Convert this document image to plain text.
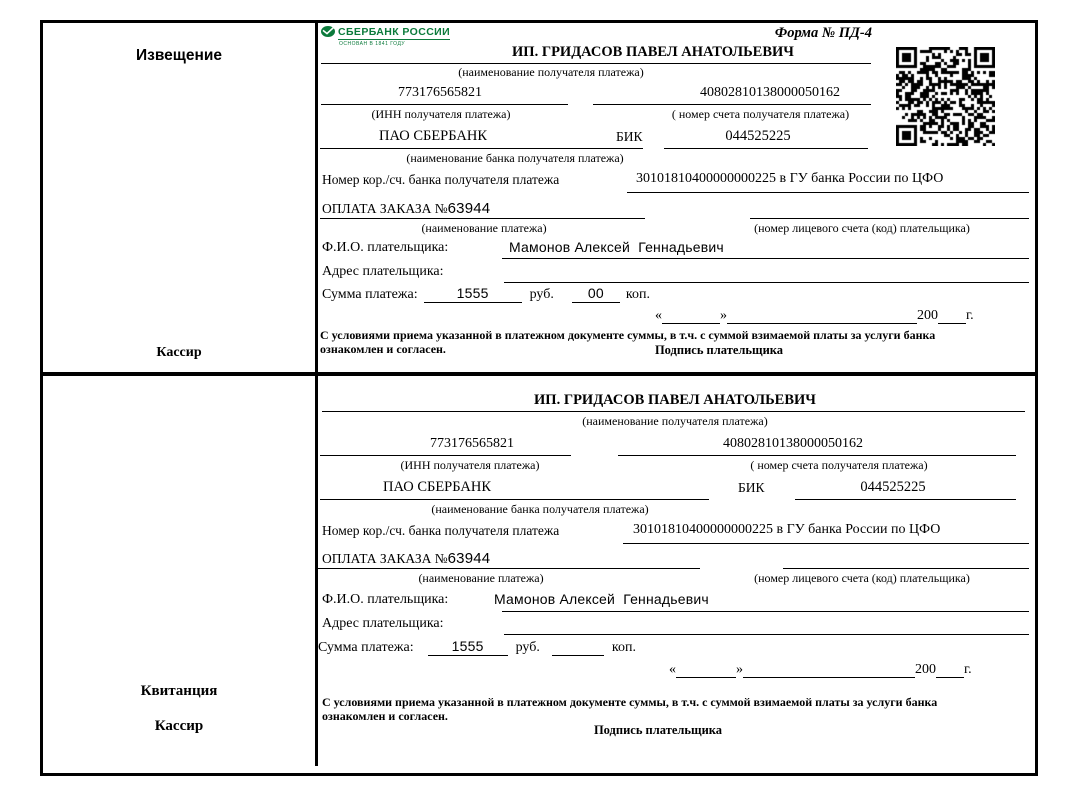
Извещение
Кассир
СБЕРБАНК РОССИИ
ОСНОВАН В 1841 ГОДУ
Форма № ПД-4
ИП. ГРИДАСОВ ПАВЕЛ АНАТОЛЬЕВИЧ
(наименование получателя платежа)
773176565821	40802810138000050162
(ИНН получателя платежа)	( номер счета получателя платежа)
ПАО СБЕРБАНК	БИК	044525225
(наименование банка получателя платежа)
Номер кор./сч. банка получателя платежа	30101810400000000225 в ГУ банка России по ЦФО
ОПЛАТА ЗАКАЗА №63944
(наименование платежа)	(номер лицевого счета (код) плательщика)
Ф.И.О. плательщика:	Мамонов Алексей  Геннадьевич
Адрес плательщика:
Сумма платежа:	1555	руб. 00 коп.
«	»	200 г.
С условиями приема указанной в платежном документе суммы, в т.ч. с суммой взимаемой платы за услуги банка
ознакомлен и согласен.	Подпись плательщика
Квитанция
Кассир
ИП. ГРИДАСОВ ПАВЕЛ АНАТОЛЬЕВИЧ
(наименование получателя платежа)
773176565821	40802810138000050162
(ИНН получателя платежа)	( номер счета получателя платежа)
ПАО СБЕРБАНК	БИК	044525225
(наименование банка получателя платежа)
Номер кор./сч. банка получателя платежа	30101810400000000225 в ГУ банка России по ЦФО
ОПЛАТА ЗАКАЗА №63944
(наименование платежа)	(номер лицевого счета (код) плательщика)
Ф.И.О. плательщика:	Мамонов Алексей  Геннадьевич
Адрес плательщика:
Сумма платежа:	1555 руб.	коп.
«	»	200 г.
С условиями приема указанной в платежном документе суммы, в т.ч. с суммой взимаемой платы за услуги банка
ознакомлен и согласен.
Подпись плательщика
